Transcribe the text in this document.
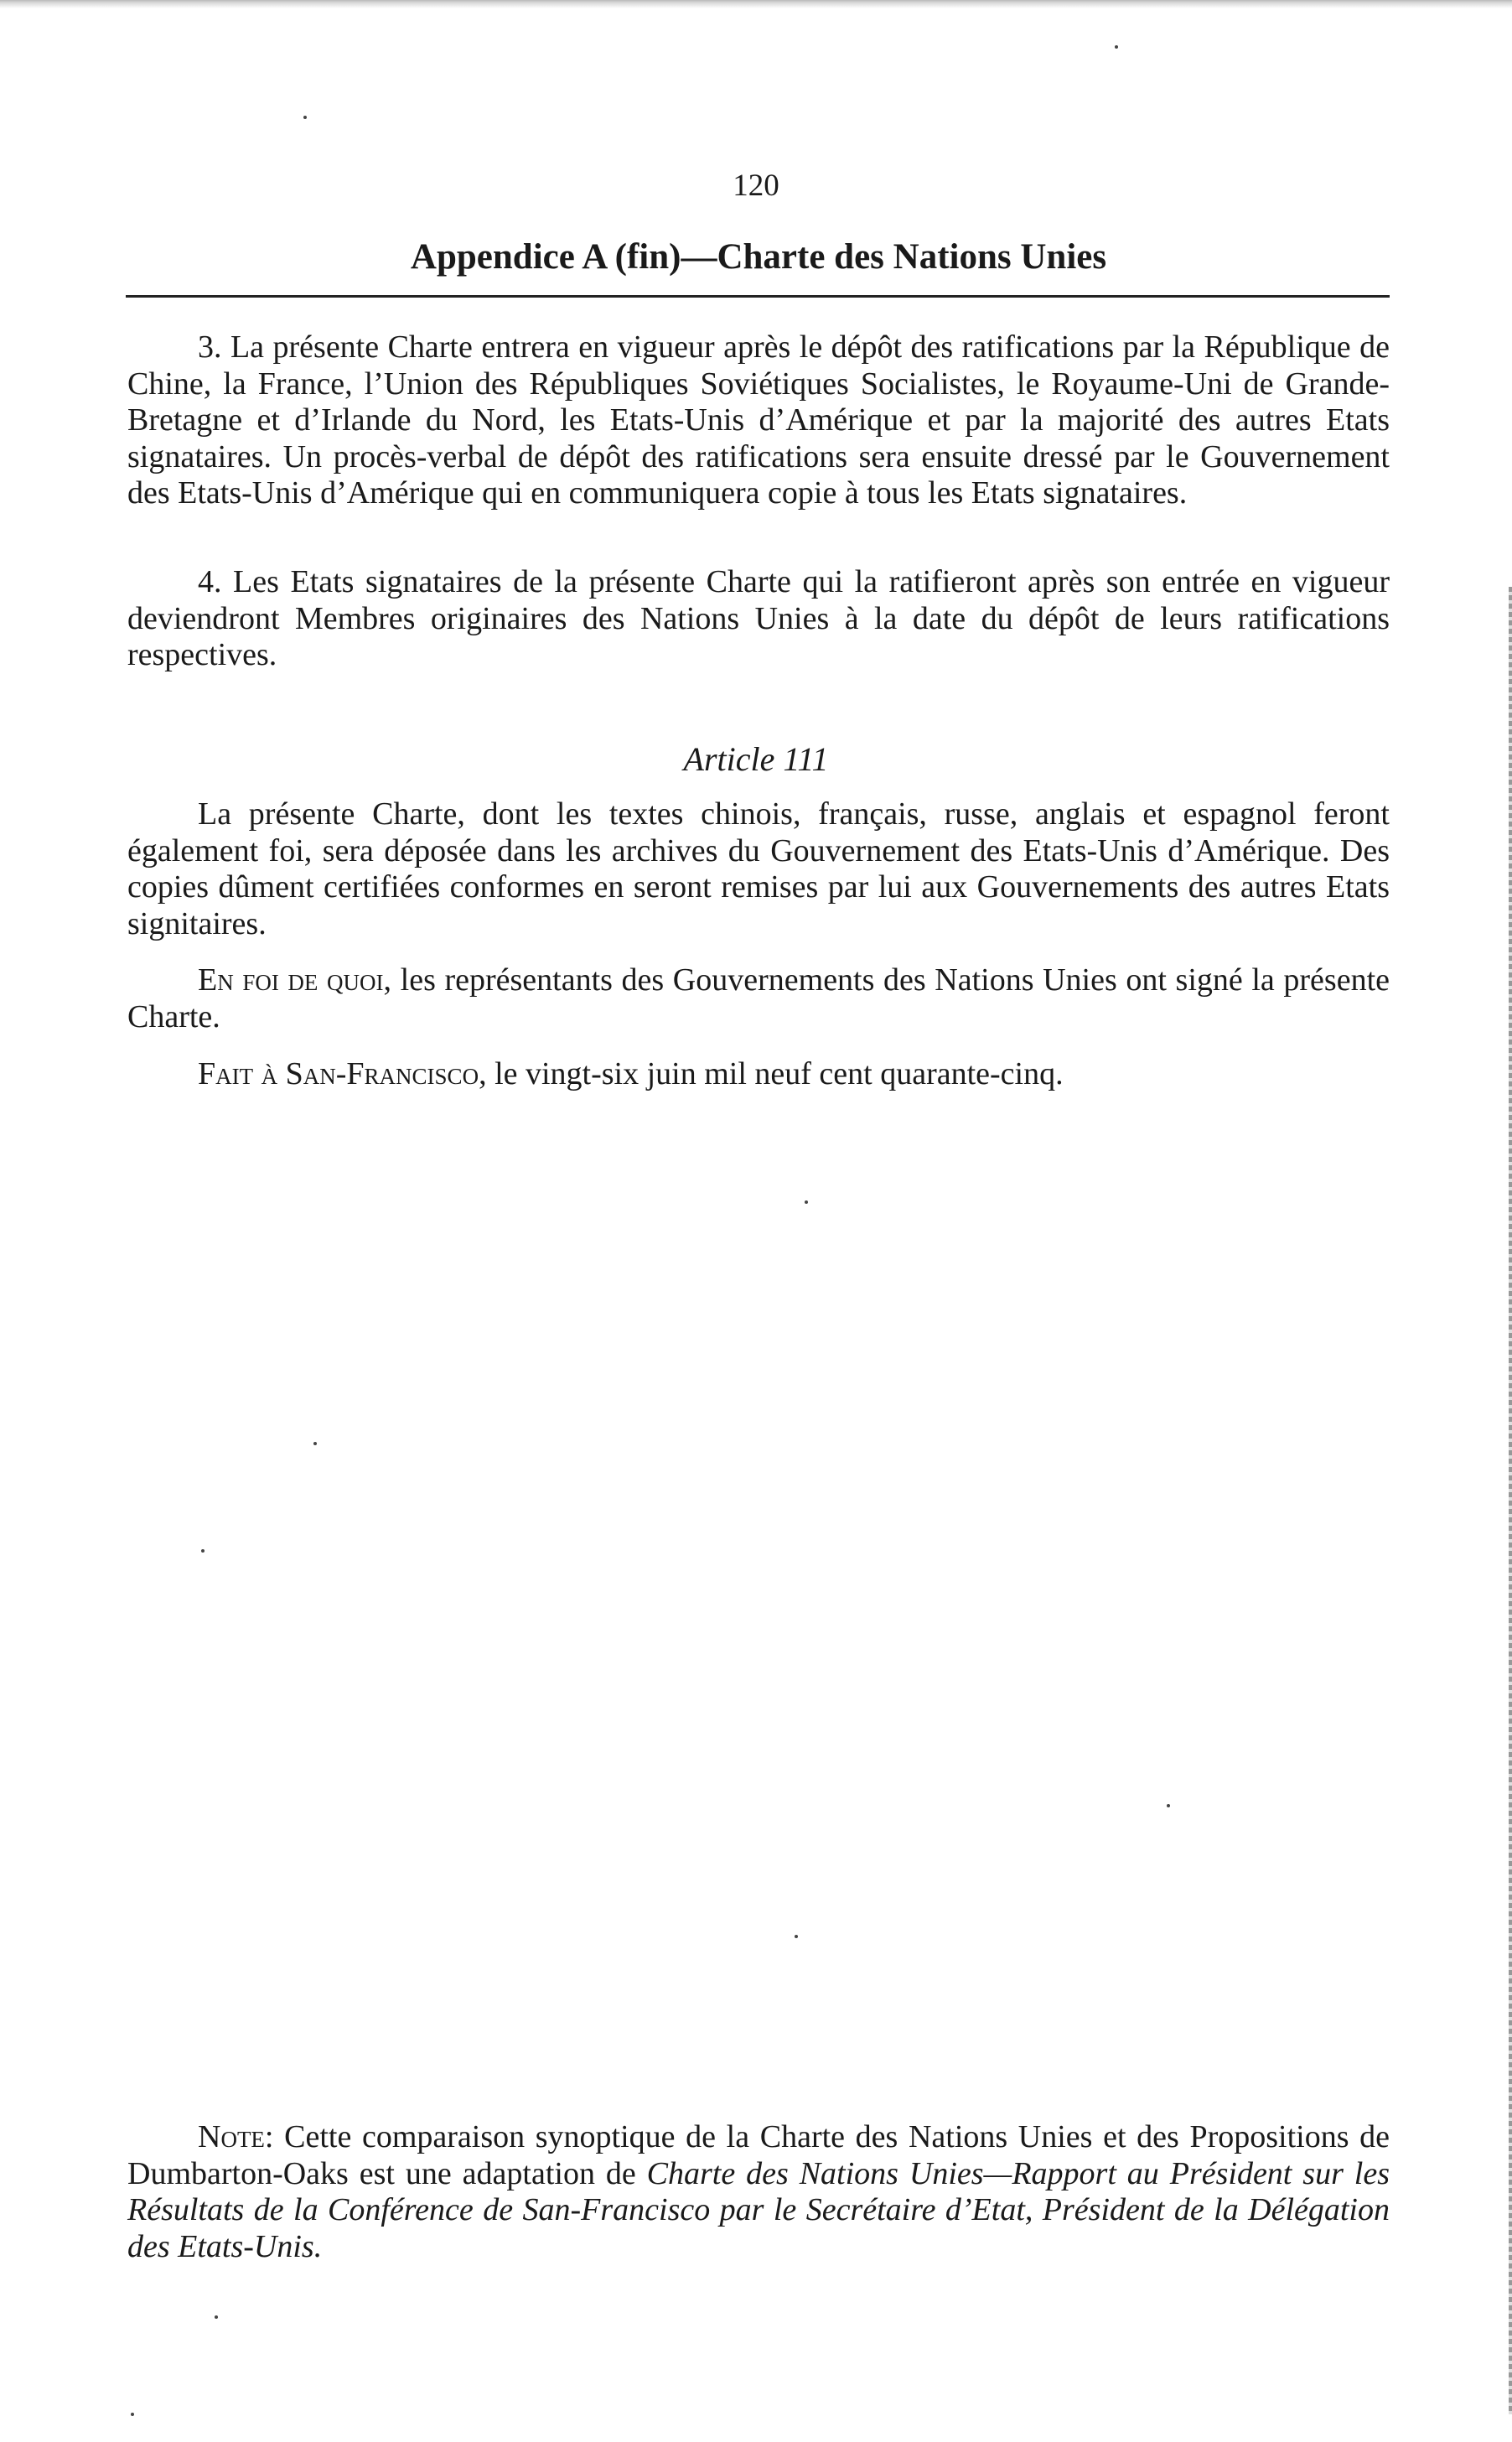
120
Appendice A (fin)—Charte des Nations Unies

3. La présente Charte entrera en vigueur après le dépôt des ratifications par la République de Chine, la France, l’Union des Républiques Soviétiques Socialistes, le Royaume-Uni de Grande-Bretagne et d’Irlande du Nord, les Etats-Unis d’Amérique et par la majorité des autres Etats signataires. Un procès-verbal de dépôt des ratifications sera ensuite dressé par le Gouvernement des Etats-Unis d’Amérique qui en communiquera copie à tous les Etats signataires.

4. Les Etats signataires de la présente Charte qui la ratifieront après son entrée en vigueur deviendront Membres originaires des Nations Unies à la date du dépôt de leurs ratifications respectives.

Article 111

La présente Charte, dont les textes chinois, français, russe, anglais et espagnol feront également foi, sera déposée dans les archives du Gouvernement des Etats-Unis d’Amérique. Des copies dûment certifiées conformes en seront remises par lui aux Gouvernements des autres Etats signitaires.

En foi de quoi, les représentants des Gouvernements des Nations Unies ont signé la présente Charte.

Fait à San-Francisco, le vingt-six juin mil neuf cent quarante-cinq.

Note: Cette comparaison synoptique de la Charte des Nations Unies et des Propositions de Dumbarton-Oaks est une adaptation de Charte des Nations Unies—Rapport au Président sur les Résultats de la Conférence de San-Francisco par le Secrétaire d’Etat, Président de la Délégation des Etats-Unis.
